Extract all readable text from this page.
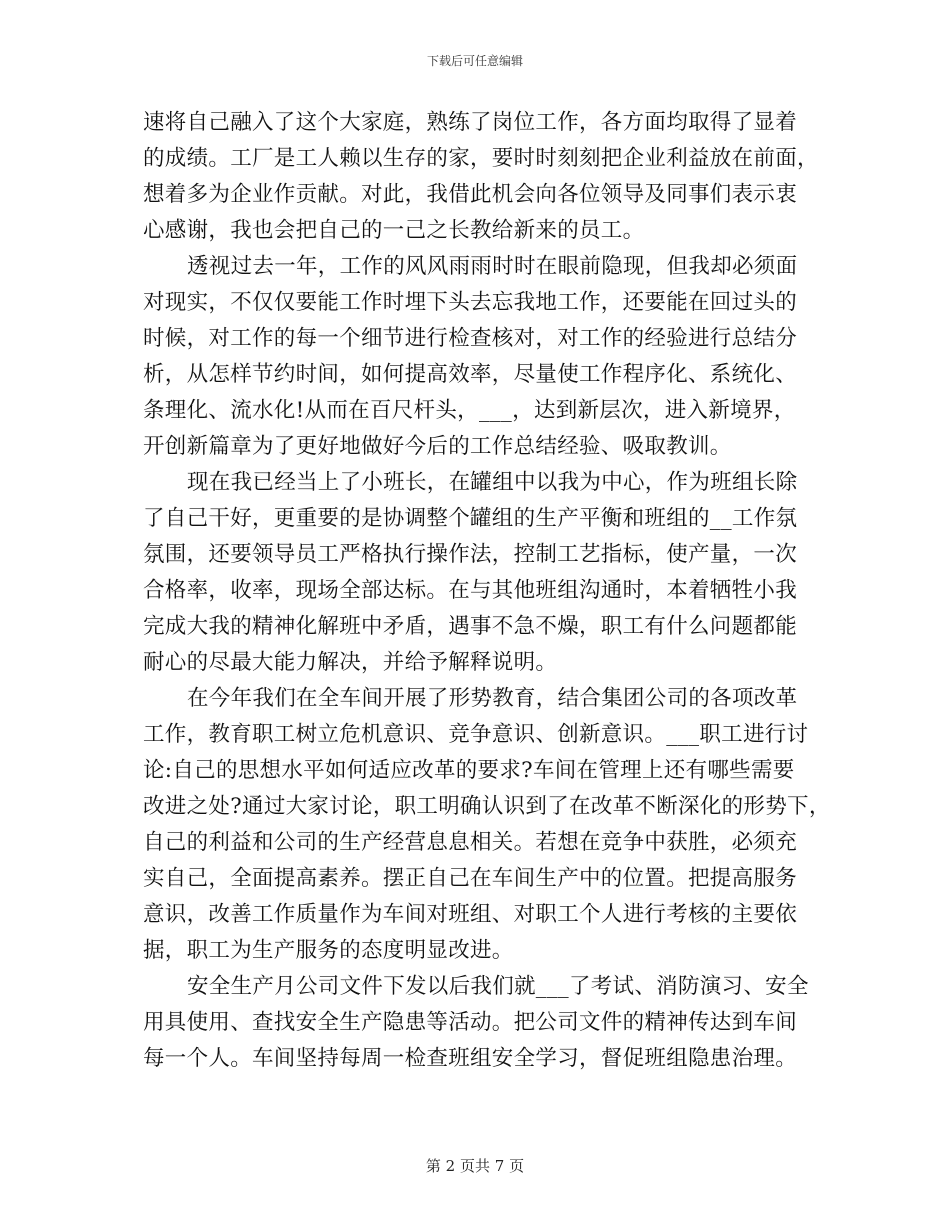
下载后可任意编辑
速将自己融入了这个大家庭，熟练了岗位工作，各方面均取得了显着
的成绩。工厂是工人赖以生存的家，要时时刻刻把企业利益放在前面，
想着多为企业作贡献。对此，我借此机会向各位领导及同事们表示衷
心感谢，我也会把自己的一己之长教给新来的员工。
透视过去一年，工作的风风雨雨时时在眼前隐现，但我却必须面
对现实，不仅仅要能工作时埋下头去忘我地工作，还要能在回过头的
时候，对工作的每一个细节进行检查核对，对工作的经验进行总结分
析，从怎样节约时间，如何提高效率，尽量使工作程序化、系统化、
条理化、流水化!从而在百尺杆头，___，达到新层次，进入新境界，
开创新篇章为了更好地做好今后的工作总结经验、吸取教训。
现在我已经当上了小班长，在罐组中以我为中心，作为班组长除
了自己干好，更重要的是协调整个罐组的生产平衡和班组的__工作氛
氛围，还要领导员工严格执行操作法，控制工艺指标，使产量，一次
合格率，收率，现场全部达标。在与其他班组沟通时，本着牺牲小我
完成大我的精神化解班中矛盾，遇事不急不燥，职工有什么问题都能
耐心的尽最大能力解决，并给予解释说明。
在今年我们在全车间开展了形势教育，结合集团公司的各项改革
工作，教育职工树立危机意识、竞争意识、创新意识。___职工进行讨
论:自己的思想水平如何适应改革的要求?车间在管理上还有哪些需要
改进之处?通过大家讨论，职工明确认识到了在改革不断深化的形势下，
自己的利益和公司的生产经营息息相关。若想在竞争中获胜，必须充
实自己，全面提高素养。摆正自己在车间生产中的位置。把提高服务
意识，改善工作质量作为车间对班组、对职工个人进行考核的主要依
据，职工为生产服务的态度明显改进。
安全生产月公司文件下发以后我们就___了考试、消防演习、安全
用具使用、查找安全生产隐患等活动。把公司文件的精神传达到车间
每一个人。车间坚持每周一检查班组安全学习，督促班组隐患治理。
第 2 页共 7 页
